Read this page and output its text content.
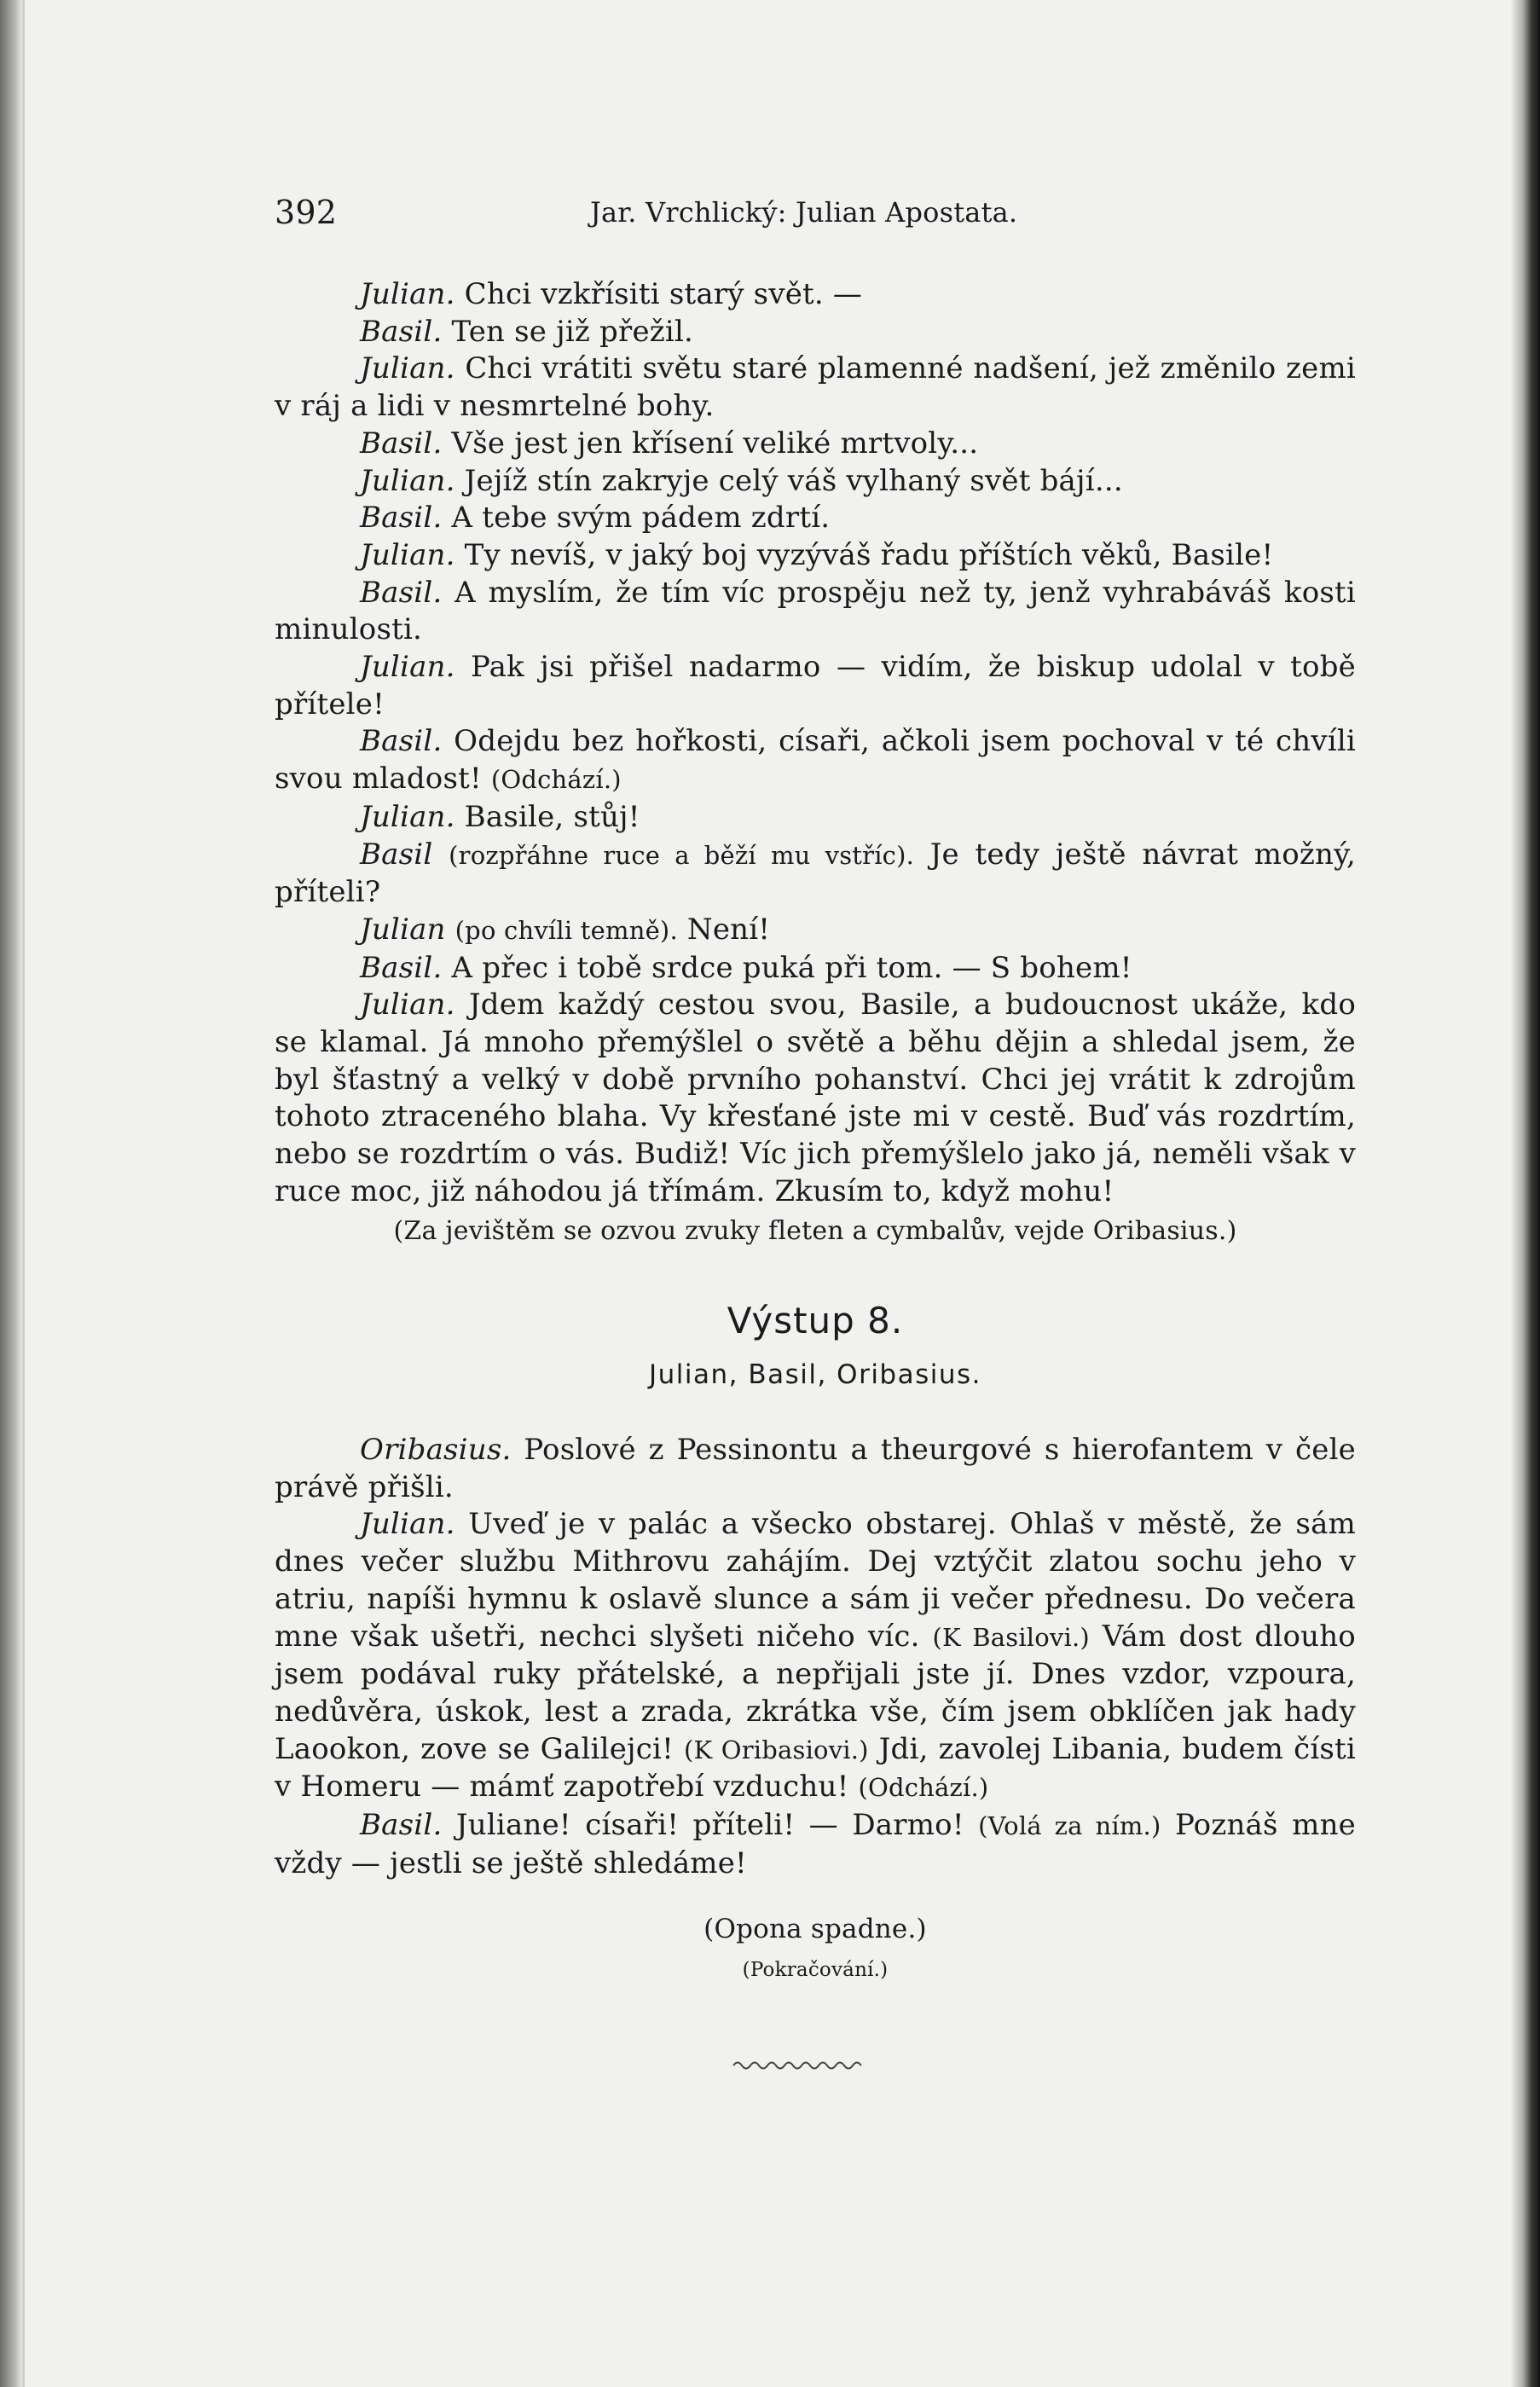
392	Jar. Vrchlický: Julian Apostata.

Julian. Chci vzkřísiti starý svět. —

Basil. Ten se již přežil.

Julian. Chci vrátiti světu staré plamenné nadšení, jež změnilo zemi v ráj a lidi v nesmrtelné bohy.

Basil. Vše jest jen křísení veliké mrtvoly...

Julian. Jejíž stín zakryje celý váš vylhaný svět bájí...

Basil. A tebe svým pádem zdrtí.

Julian. Ty nevíš, v jaký boj vyzýváš řadu příštích věků, Basile!

Basil. A myslím, že tím víc prospěju než ty, jenž vyhrabáváš kosti minulosti.

Julian. Pak jsi přišel nadarmo — vidím, že biskup udolal v tobě přítele!

Basil. Odejdu bez hořkosti, císaři, ačkoli jsem pochoval v té chvíli svou mladost! (Odchází.)

Julian. Basile, stůj!

Basil (rozpřáhne ruce a běží mu vstříc). Je tedy ještě návrat možný, příteli?

Julian (po chvíli temně). Není!

Basil. A přec i tobě srdce puká při tom. — S bohem!

Julian. Jdem každý cestou svou, Basile, a budoucnost ukáže, kdo se klamal. Já mnoho přemýšlel o světě a běhu dějin a shledal jsem, že byl šťastný a velký v době prvního pohanství. Chci jej vrátit k zdrojům tohoto ztraceného blaha. Vy křesťané jste mi v cestě. Buď vás rozdrtím, nebo se rozdrtím o vás. Budiž! Víc jich přemýšlelo jako já, neměli však v ruce moc, již náhodou já třímám. Zkusím to, když mohu!

(Za jevištěm se ozvou zvuky fleten a cymbalův, vejde Oribasius.)

Výstup 8.
Julian, Basil, Oribasius.

Oribasius. Poslové z Pessinontu a theurgové s hierofantem v čele právě přišli.

Julian. Uveď je v palác a všecko obstarej. Ohlaš v městě, že sám dnes večer službu Mithrovu zahájím. Dej vztýčit zlatou sochu jeho v atriu, napíši hymnu k oslavě slunce a sám ji večer přednesu. Do večera mne však ušetři, nechci slyšeti ničeho víc. (K Basilovi.) Vám dost dlouho jsem podával ruky přátelské, a nepřijali jste jí. Dnes vzdor, vzpoura, nedůvěra, úskok, lest a zrada, zkrátka vše, čím jsem obklíčen jak hady Laookon, zove se Galilejci! (K Oribasiovi.) Jdi, zavolej Libania, budem čísti v Homeru — mámť zapotřebí vzduchu! (Odchází.)

Basil. Juliane! císaři! příteli! — Darmo! (Volá za ním.) Poznáš mne vždy — jestli se ještě shledáme!

(Opona spadne.)
(Pokračování.)
